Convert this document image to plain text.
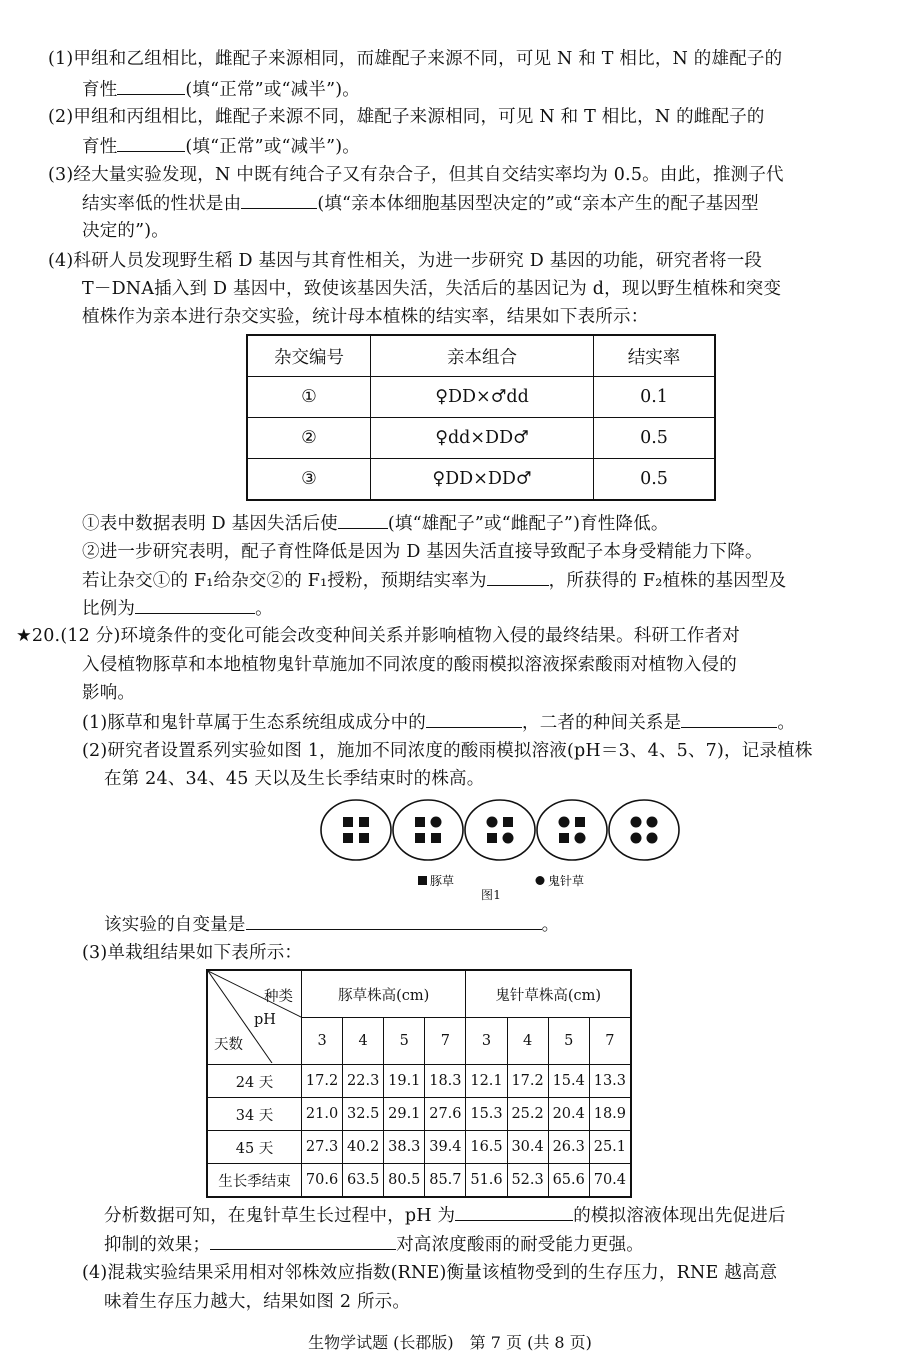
(1)甲组和乙组相比，雌配子来源相同，而雄配子来源不同，可见 N 和 T 相比，N 的雄配子的
育性	(填“正常”或“减半”)。
(2)甲组和丙组相比，雌配子来源不同，雄配子来源相同，可见 N 和 T 相比，N 的雌配子的
育性	(填“正常”或“减半”)。
(3)经大量实验发现，N 中既有纯合子又有杂合子，但其自交结实率均为 0.5。由此，推测子代
结实率低的性状是由	(填“亲本体细胞基因型决定的”或“亲本产生的配子基因型
决定的”)。
(4)科研人员发现野生稻 D 基因与其育性相关，为进一步研究 D 基因的功能，研究者将一段
T－DNA插入到 D 基因中，致使该基因失活，失活后的基因记为 d，现以野生植株和突变
植株作为亲本进行杂交实验，统计母本植株的结实率，结果如下表所示：
杂交编号	亲本组合	结实率
①	♀DD×♂dd	0.1
②	♀dd×DD♂	0.5
③	♀DD×DD♂	0.5
①表中数据表明 D 基因失活后使	(填“雄配子”或“雌配子”)育性降低。
②进一步研究表明，配子育性降低是因为 D 基因失活直接导致配子本身受精能力下降。
若让杂交①的 F₁给杂交②的 F₁授粉，预期结实率为	，所获得的 F₂植株的基因型及
比例为	。
★20.(12 分)环境条件的变化可能会改变种间关系并影响植物入侵的最终结果。科研工作者对
入侵植物豚草和本地植物鬼针草施加不同浓度的酸雨模拟溶液探索酸雨对植物入侵的
影响。
(1)豚草和鬼针草属于生态系统组成成分中的	，二者的种间关系是	。
(2)研究者设置系列实验如图 1，施加不同浓度的酸雨模拟溶液(pH＝3、4、5、7)，记录植株
在第 24、34、45 天以及生长季结束时的株高。
豚草	鬼针草
图1
该实验的自变量是	。
(3)单栽组结果如下表所示：
种类
pH
天数	豚草株高(cm)				鬼针草株高(cm)			
	3	4	5	7	3	4	5	7
24 天	17.2	22.3	19.1	18.3	12.1	17.2	15.4	13.3
34 天	21.0	32.5	29.1	27.6	15.3	25.2	20.4	18.9
45 天	27.3	40.2	38.3	39.4	16.5	30.4	26.3	25.1
生长季结束	70.6	63.5	80.5	85.7	51.6	52.3	65.6	70.4
分析数据可知，在鬼针草生长过程中，pH 为	的模拟溶液体现出先促进后
抑制的效果；	对高浓度酸雨的耐受能力更强。
(4)混栽实验结果采用相对邻株效应指数(RNE)衡量该植物受到的生存压力，RNE 越高意
味着生存压力越大，结果如图 2 所示。
生物学试题 (长郡版)　第 7 页 (共 8 页)
